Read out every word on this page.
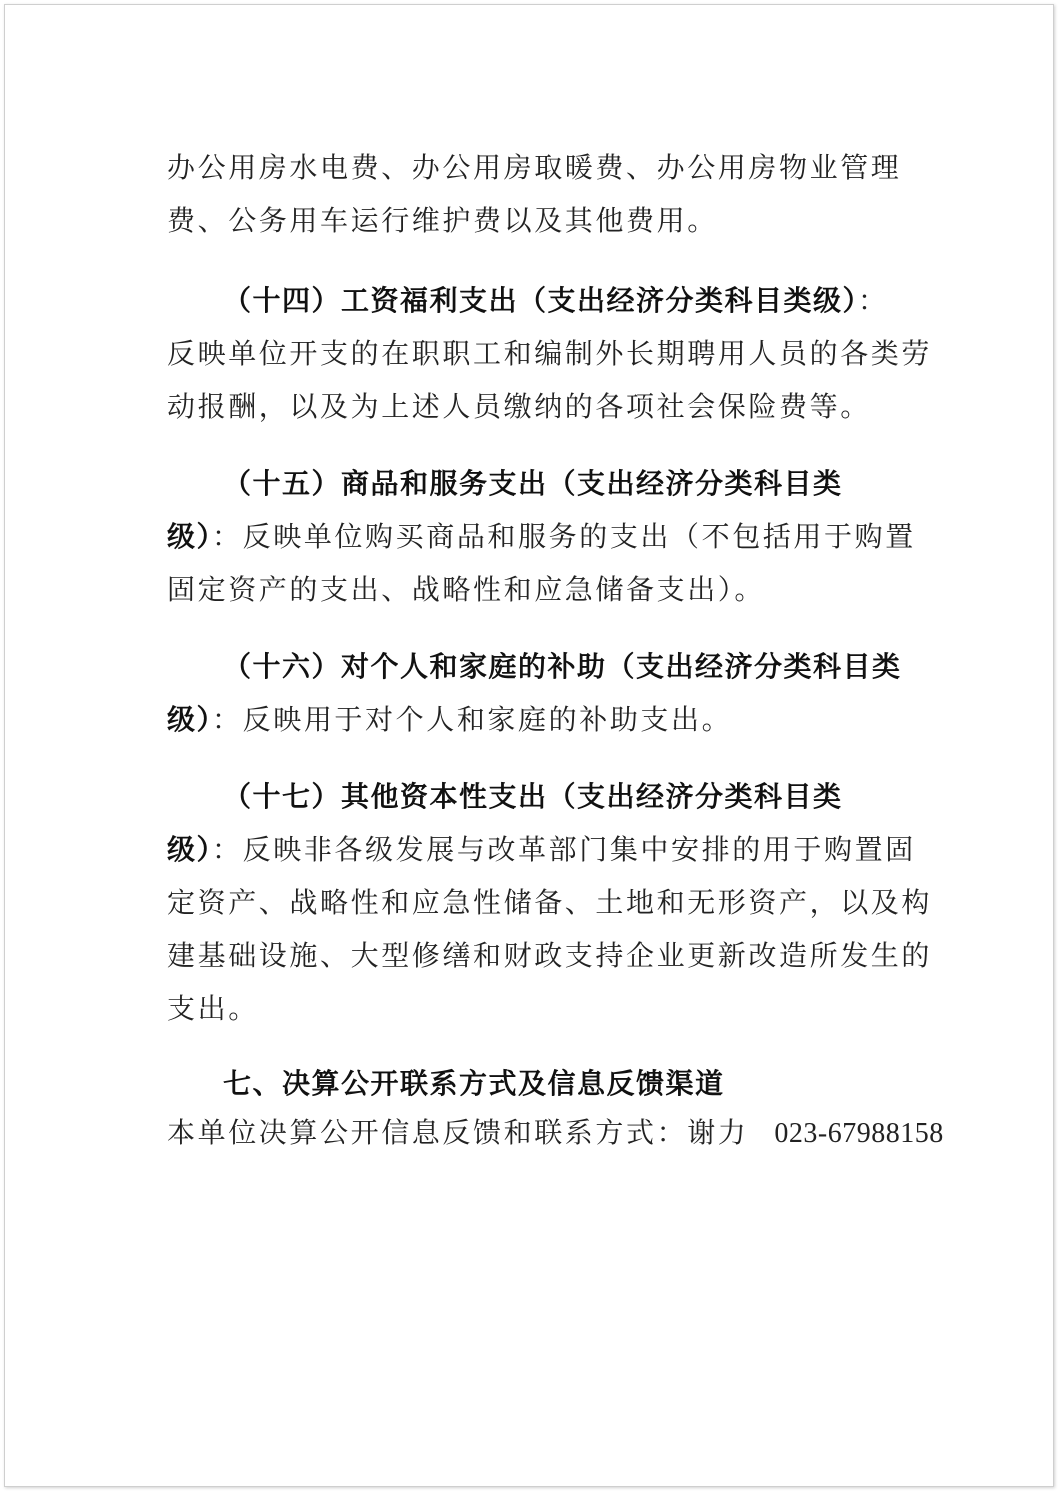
办公用房水电费、办公用房取暖费、办公用房物业管理
费、公务用车运行维护费以及其他费用。
（十四）工资福利支出（支出经济分类科目类级）：
反映单位开支的在职职工和编制外长期聘用人员的各类劳
动报酬，以及为上述人员缴纳的各项社会保险费等。
（十五）商品和服务支出（支出经济分类科目类
级）：反映单位购买商品和服务的支出（不包括用于购置
固定资产的支出、战略性和应急储备支出）。
（十六）对个人和家庭的补助（支出经济分类科目类
级）：反映用于对个人和家庭的补助支出。
（十七）其他资本性支出（支出经济分类科目类
级）：反映非各级发展与改革部门集中安排的用于购置固
定资产、战略性和应急性储备、土地和无形资产，以及构
建基础设施、大型修缮和财政支持企业更新改造所发生的
支出。
七、决算公开联系方式及信息反馈渠道
本单位决算公开信息反馈和联系方式：谢力 023-67988158
